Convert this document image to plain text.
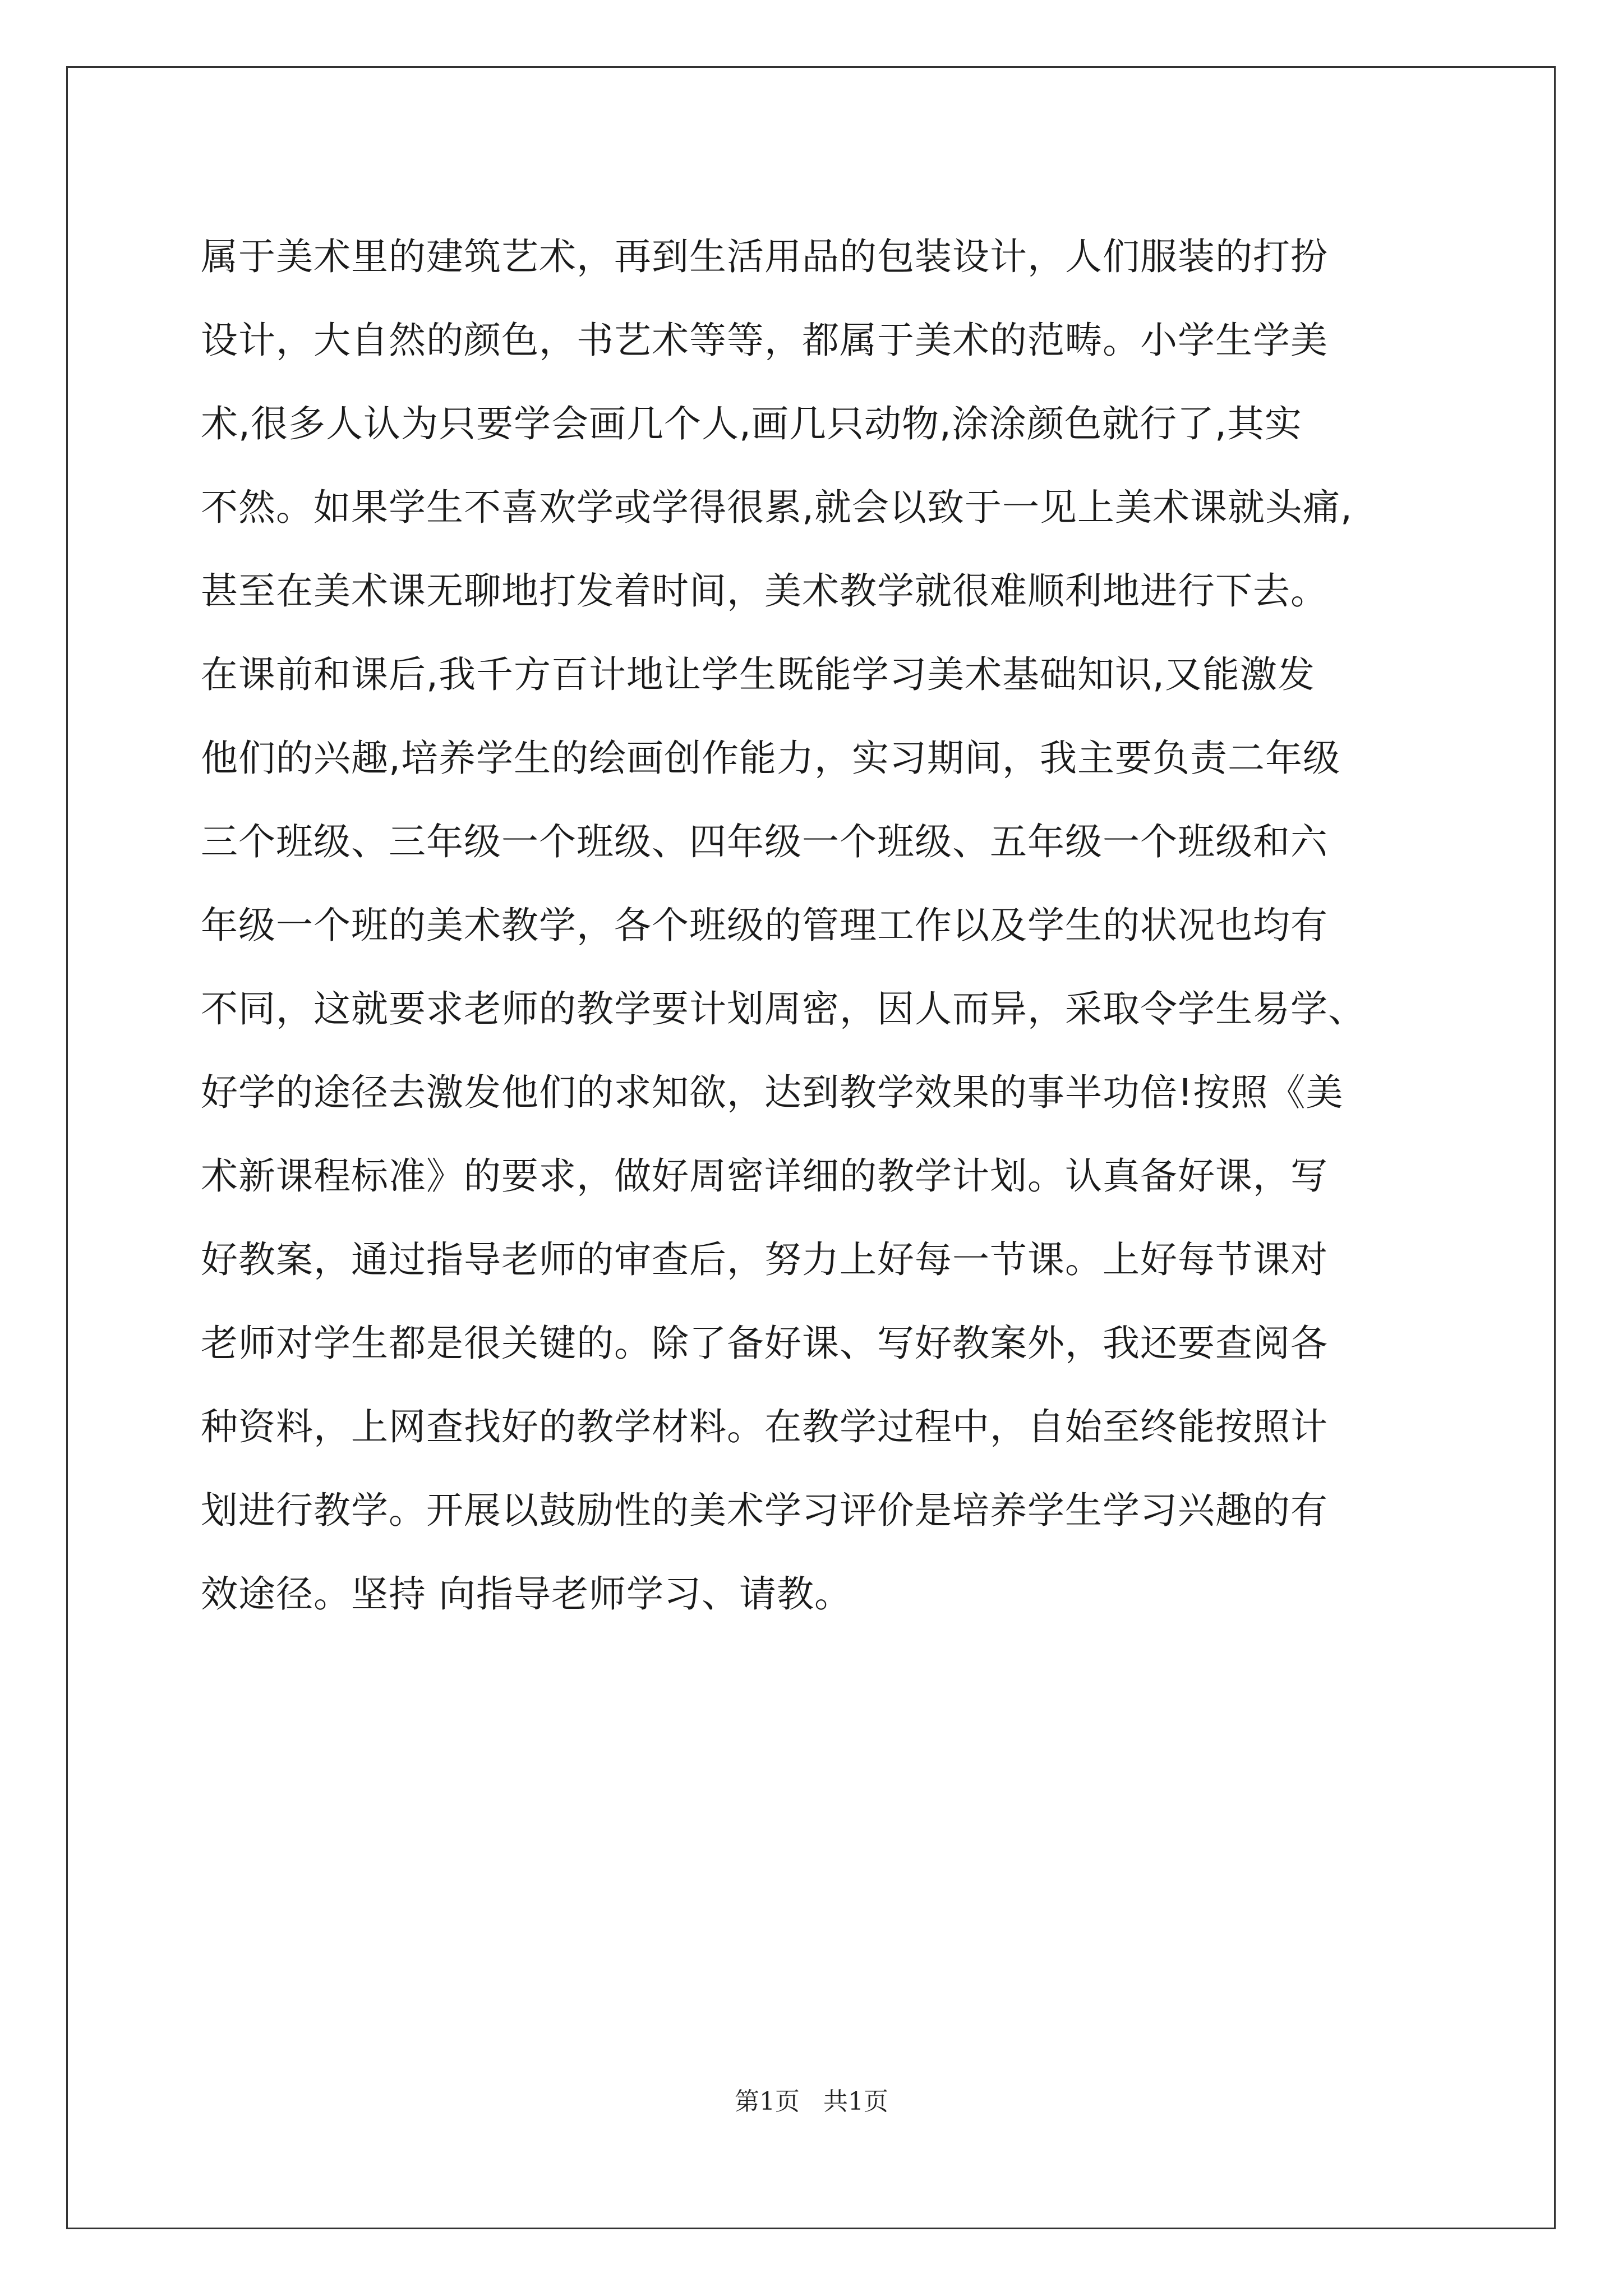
属于美术里的建筑艺术，再到生活用品的包装设计，人们服装的打扮
设计，大自然的颜色，书艺术等等，都属于美术的范畴。小学生学美
术,很多人认为只要学会画几个人,画几只动物,涂涂颜色就行了,其实
不然。如果学生不喜欢学或学得很累,就会以致于一见上美术课就头痛,
甚至在美术课无聊地打发着时间，美术教学就很难顺利地进行下去。
在课前和课后,我千方百计地让学生既能学习美术基础知识,又能激发
他们的兴趣,培养学生的绘画创作能力，实习期间，我主要负责二年级
三个班级、三年级一个班级、四年级一个班级、五年级一个班级和六
年级一个班的美术教学，各个班级的管理工作以及学生的状况也均有
不同，这就要求老师的教学要计划周密，因人而异，采取令学生易学、
好学的途径去激发他们的求知欲，达到教学效果的事半功倍!按照《美
术新课程标准》的要求，做好周密详细的教学计划。认真备好课，写
好教案，通过指导老师的审查后，努力上好每一节课。上好每节课对
老师对学生都是很关键的。除了备好课、写好教案外，我还要查阅各
种资料，上网查找好的教学材料。在教学过程中，自始至终能按照计
划进行教学。开展以鼓励性的美术学习评价是培养学生学习兴趣的有
效途径。坚持 向指导老师学习、请教。
第1页   共1页
